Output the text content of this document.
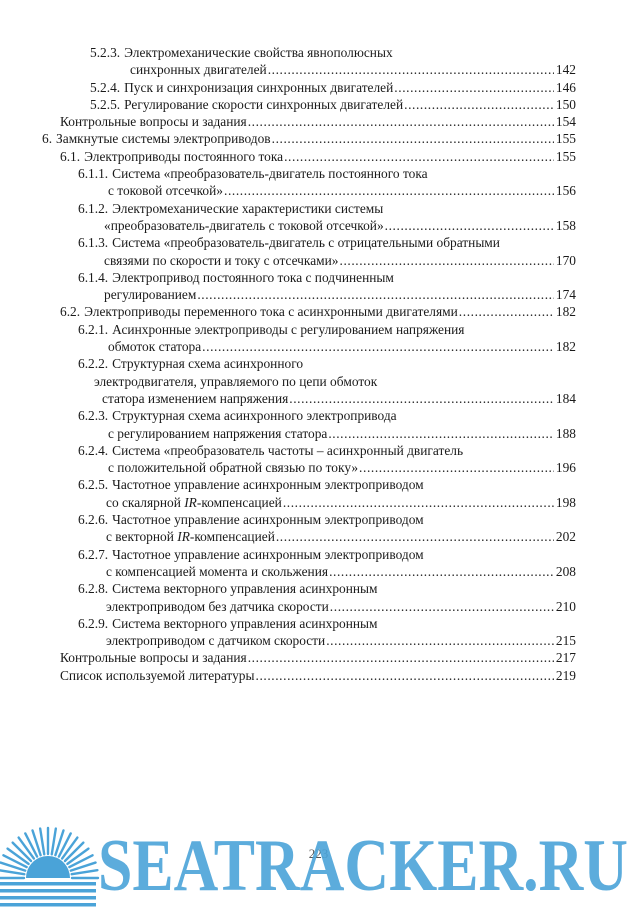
5.2.3. Электромеханические свойства явнополюсных
синхронных двигателей .....	142
5.2.4. Пуск и синхронизация синхронных двигателей .....	146
5.2.5. Регулирование скорости синхронных двигателей .....	150
Контрольные вопросы и задания .....	154
6. Замкнутые системы электроприводов .....	155
6.1. Электроприводы постоянного тока .....	155
6.1.1. Система «преобразователь-двигатель постоянного тока
с токовой отсечкой» .....	156
6.1.2. Электромеханические характеристики системы
«преобразователь-двигатель с токовой отсечкой» .....	158
6.1.3. Система «преобразователь-двигатель с отрицательными обратными
связями по скорости и току с отсечками» .....	170
6.1.4. Электропривод постоянного тока с подчиненным
регулированием .....	174
6.2. Электроприводы переменного тока с асинхронными двигателями .....	182
6.2.1. Асинхронные электроприводы с регулированием напряжения
обмоток статора .....	182
6.2.2. Структурная схема асинхронного
электродвигателя, управляемого по цепи обмоток
статора изменением напряжения .....	184
6.2.3. Структурная схема асинхронного электропривода
с регулированием напряжения статора .....	188
6.2.4. Система «преобразователь частоты – асинхронный двигатель
с положительной обратной связью по току» .....	196
6.2.5. Частотное управление асинхронным электроприводом
со скалярной IR-компенсацией .....	198
6.2.6. Частотное управление асинхронным электроприводом
с векторной IR-компенсацией .....	202
6.2.7. Частотное управление асинхронным электроприводом
с компенсацией момента и скольжения .....	208
6.2.8. Система векторного управления асинхронным
электроприводом без датчика скорости .....	210
6.2.9. Система векторного управления асинхронным
электроприводом с датчиком скорости .....	215
Контрольные вопросы и задания .....	217
Список используемой литературы .....	219
223
SEATRACKER.RU
